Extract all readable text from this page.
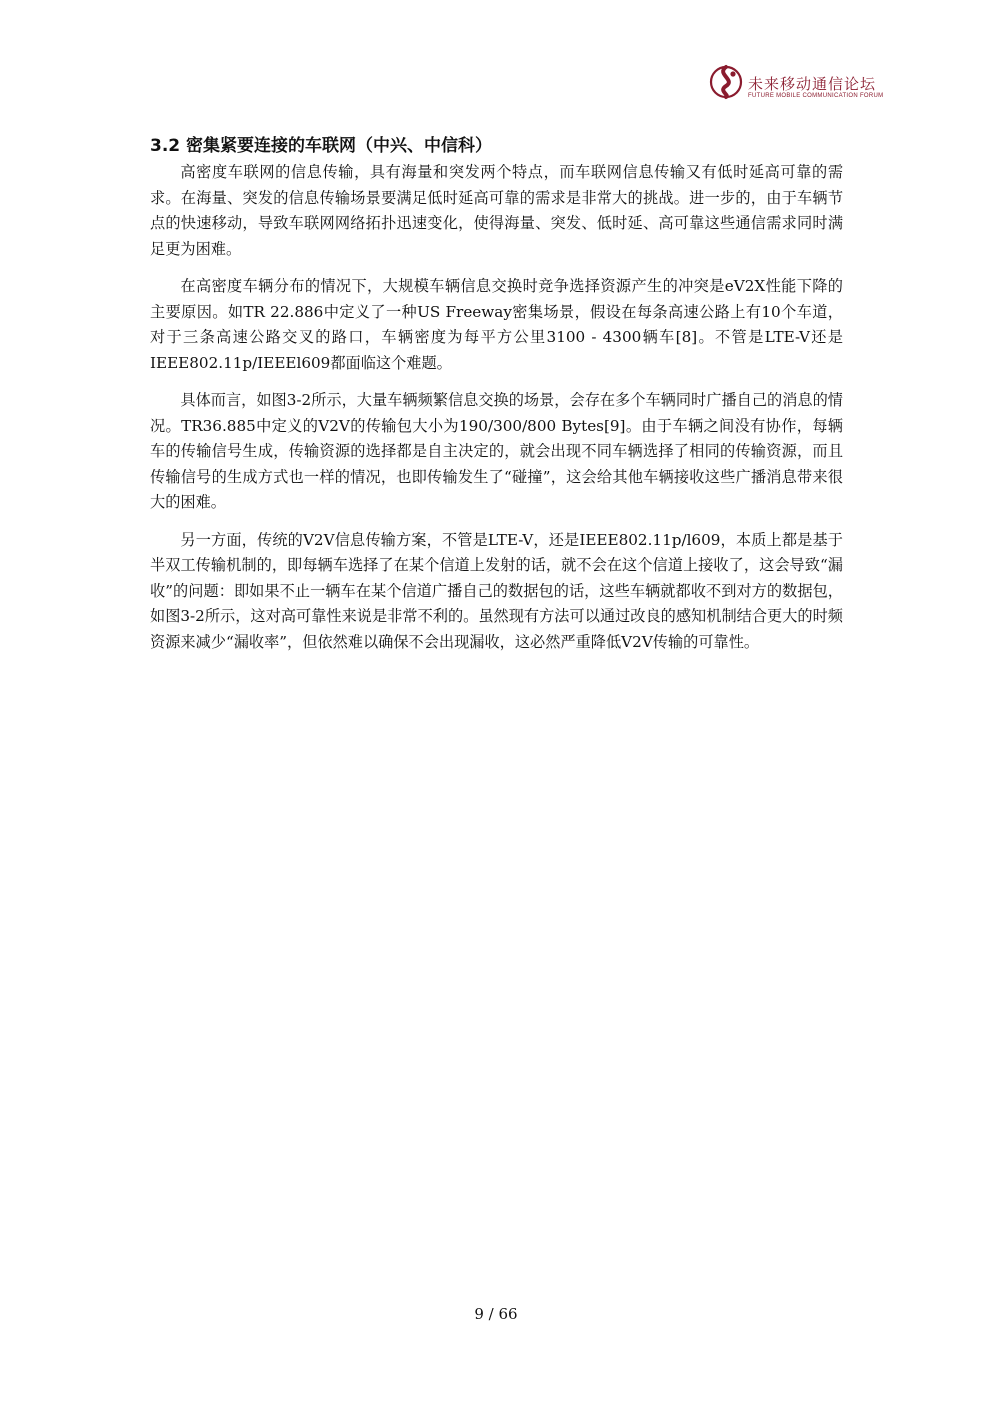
未来移动通信论坛
FUTURE MOBILE COMMUNICATION FORUM
3.2 密集紧要连接的车联网（中兴、中信科）

高密度车联网的信息传输，具有海量和突发两个特点，而车联网信息传输又有低时延高可靠的需求。在海量、突发的信息传输场景要满足低时延高可靠的需求是非常大的挑战。进一步的，由于车辆节点的快速移动，导致车联网网络拓扑迅速变化，使得海量、突发、低时延、高可靠这些通信需求同时满足更为困难。

在高密度车辆分布的情况下，大规模车辆信息交换时竞争选择资源产生的冲突是eV2X性能下降的主要原因。如TR 22.886中定义了一种US Freeway密集场景，假设在每条高速公路上有10个车道，对于三条高速公路交叉的路口，车辆密度为每平方公里3100 - 4300辆车[8]。不管是LTE-V还是IEEE802.11p/IEEEl609都面临这个难题。

具体而言，如图3-2所示，大量车辆频繁信息交换的场景，会存在多个车辆同时广播自己的消息的情况。TR36.885中定义的V2V的传输包大小为190/300/800 Bytes[9]。由于车辆之间没有协作，每辆车的传输信号生成，传输资源的选择都是自主决定的，就会出现不同车辆选择了相同的传输资源，而且传输信号的生成方式也一样的情况，也即传输发生了“碰撞”，这会给其他车辆接收这些广播消息带来很大的困难。

另一方面，传统的V2V信息传输方案，不管是LTE-V，还是IEEE802.11p/l609，本质上都是基于半双工传输机制的，即每辆车选择了在某个信道上发射的话，就不会在这个信道上接收了，这会导致“漏收”的问题：即如果不止一辆车在某个信道广播自己的数据包的话，这些车辆就都收不到对方的数据包，如图3-2所示，这对高可靠性来说是非常不利的。虽然现有方法可以通过改良的感知机制结合更大的时频资源来减少“漏收率”，但依然难以确保不会出现漏收，这必然严重降低V2V传输的可靠性。

9 / 66
